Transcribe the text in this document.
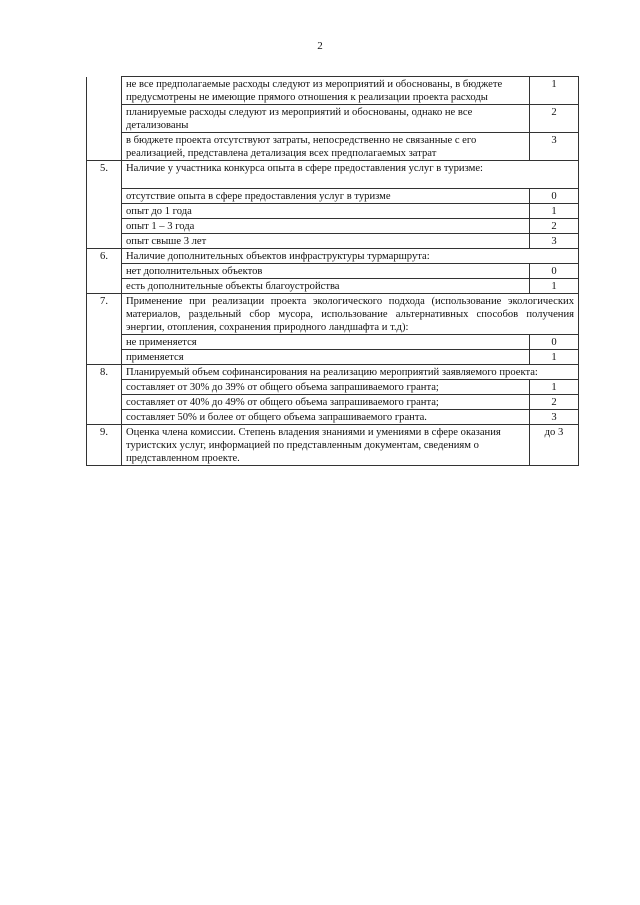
2
	не все предполагаемые расходы следуют из мероприятий и обоснованы, в бюджете предусмотрены не имеющие прямого отношения к реализации проекта расходы	1
	планируемые расходы следуют из мероприятий и обоснованы, однако не все детализованы	2
	в бюджете проекта отсутствуют затраты, непосредственно не связанные с его реализацией, представлена детализация всех предполагаемых затрат	3
5.	Наличие у участника конкурса опыта в сфере предоставления услуг в туризме:	
	отсутствие опыта в сфере предоставления услуг в туризме	0
	опыт до 1 года	1
	опыт 1 – 3 года	2
	опыт свыше 3 лет	3
6.	Наличие дополнительных объектов инфраструктуры турмаршрута:	
	нет дополнительных объектов	0
	есть дополнительные объекты благоустройства	1
7.	Применение при реализации проекта экологического подхода (использование экологических материалов, раздельный сбор мусора, использование альтернативных способов получения энергии, отопления, сохранения природного ландшафта и т.д):	
	не применяется	0
	применяется	1
8.	Планируемый объем софинансирования на реализацию мероприятий заявляемого проекта:	
	составляет от 30% до 39% от общего объема запрашиваемого гранта;	1
	составляет от 40% до 49% от общего объема запрашиваемого гранта;	2
	составляет 50% и более от общего объема запрашиваемого гранта.	3
9.	Оценка члена комиссии. Степень владения знаниями и умениями в сфере оказания туристских услуг, информацией по представленным документам, сведениям о представленном проекте.	до 3
